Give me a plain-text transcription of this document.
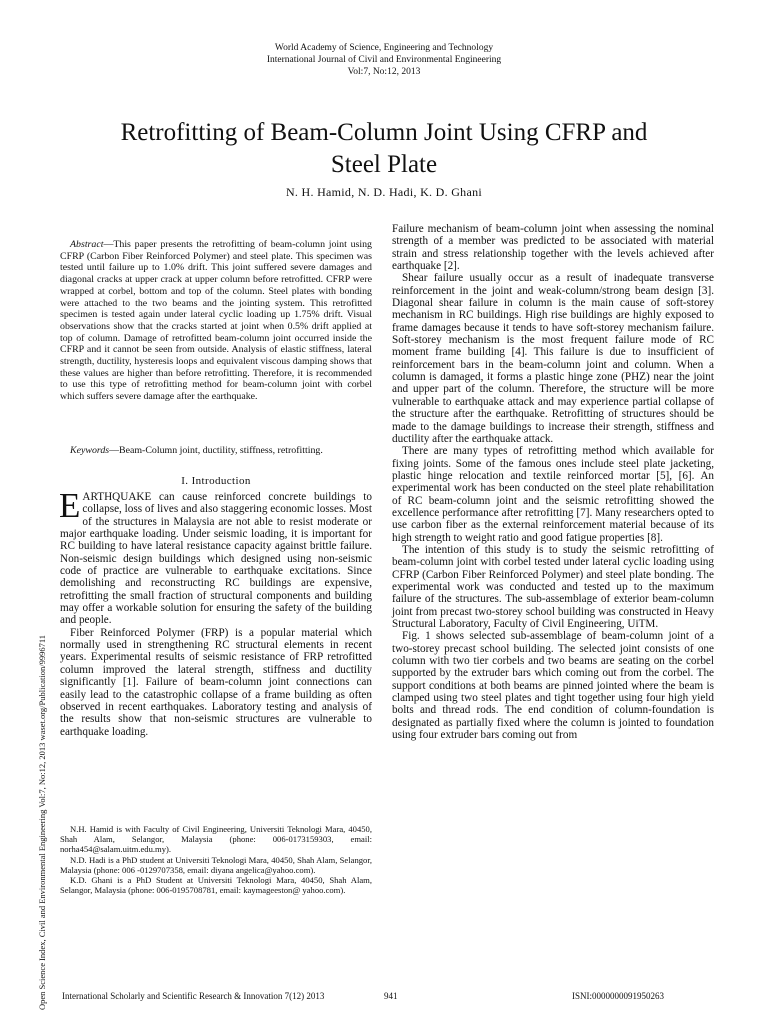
World Academy of Science, Engineering and Technology
International Journal of Civil and Environmental Engineering
Vol:7, No:12, 2013
Retrofitting of Beam-Column Joint Using CFRP and
Steel Plate
N. H. Hamid, N. D. Hadi, K. D. Ghani
Open Science Index, Civil and Environmental Engineering Vol:7, No:12, 2013 waset.org/Publication/9996711

Abstract—This paper presents the retrofitting of beam-column joint using CFRP (Carbon Fiber Reinforced Polymer) and steel plate. This specimen was tested until failure up to 1.0% drift. This joint suffered severe damages and diagonal cracks at upper crack at upper column before retrofitted. CFRP were wrapped at corbel, bottom and top of the column. Steel plates with bonding were attached to the two beams and the jointing system. This retrofitted specimen is tested again under lateral cyclic loading up 1.75% drift. Visual observations show that the cracks started at joint when 0.5% drift applied at top of column. Damage of retrofitted beam-column joint occurred inside the CFRP and it cannot be seen from outside. Analysis of elastic stiffness, lateral strength, ductility, hysteresis loops and equivalent viscous damping shows that these values are higher than before retrofitting. Therefore, it is recommended to use this type of retrofitting method for beam-column joint with corbel which suffers severe damage after the earthquake.

Keywords—Beam-Column joint, ductility, stiffness, retrofitting.

I. Introduction

EARTHQUAKE can cause reinforced concrete buildings to collapse, loss of lives and also staggering economic losses. Most of the structures in Malaysia are not able to resist moderate or major earthquake loading. Under seismic loading, it is important for RC building to have lateral resistance capacity against brittle failure. Non-seismic design buildings which designed using non-seismic code of practice are vulnerable to earthquake excitations. Since demolishing and reconstructing RC buildings are expensive, retrofitting the small fraction of structural components and building may offer a workable solution for ensuring the safety of the building and people.

Fiber Reinforced Polymer (FRP) is a popular material which normally used in strengthening RC structural elements in recent years. Experimental results of seismic resistance of FRP retrofitted column improved the lateral strength, stiffness and ductility significantly [1]. Failure of beam-column joint connections can easily lead to the catastrophic collapse of a frame building as often observed in recent earthquakes. Laboratory testing and analysis of the results show that non-seismic structures are vulnerable to earthquake loading.

N.H. Hamid is with Faculty of Civil Engineering, Universiti Teknologi Mara, 40450, Shah Alam, Selangor, Malaysia (phone: 006-0173159303, email: norha454@salam.uitm.edu.my).

N.D. Hadi is a PhD student at Universiti Teknologi Mara, 40450, Shah Alam, Selangor, Malaysia (phone: 006 -0129707358, email: diyana angelica@yahoo.com).

K.D. Ghani is a PhD Student at Universiti Teknologi Mara, 40450, Shah Alam, Selangor, Malaysia (phone: 006-0195708781, email: kaymageeston@ yahoo.com).

Failure mechanism of beam-column joint when assessing the nominal strength of a member was predicted to be associated with material strain and stress relationship together with the levels achieved after earthquake [2].

Shear failure usually occur as a result of inadequate transverse reinforcement in the joint and weak-column/strong beam design [3]. Diagonal shear failure in column is the main cause of soft-storey mechanism in RC buildings. High rise buildings are highly exposed to frame damages because it tends to have soft-storey mechanism failure. Soft-storey mechanism is the most frequent failure mode of RC moment frame building [4]. This failure is due to insufficient of reinforcement bars in the beam-column joint and column. When a column is damaged, it forms a plastic hinge zone (PHZ) near the joint and upper part of the column. Therefore, the structure will be more vulnerable to earthquake attack and may experience partial collapse of the structure after the earthquake. Retrofitting of structures should be made to the damage buildings to increase their strength, stiffness and ductility after the earthquake attack.

There are many types of retrofitting method which available for fixing joints. Some of the famous ones include steel plate jacketing, plastic hinge relocation and textile reinforced mortar [5], [6]. An experimental work has been conducted on the steel plate rehabilitation of RC beam-column joint and the seismic retrofitting showed the excellence performance after retrofitting [7]. Many researchers opted to use carbon fiber as the external reinforcement material because of its high strength to weight ratio and good fatigue properties [8].

The intention of this study is to study the seismic retrofitting of beam-column joint with corbel tested under lateral cyclic loading using CFRP (Carbon Fiber Reinforced Polymer) and steel plate bonding. The experimental work was conducted and tested up to the maximum failure of the structures. The sub-assemblage of exterior beam-column joint from precast two-storey school building was constructed in Heavy Structural Laboratory, Faculty of Civil Engineering, UiTM.

Fig. 1 shows selected sub-assemblage of beam-column joint of a two-storey precast school building. The selected joint consists of one column with two tier corbels and two beams are seating on the corbel supported by the extruder bars which coming out from the corbel. The support conditions at both beams are pinned jointed where the beam is clamped using two steel plates and tight together using four high yield bolts and thread rods. The end condition of column-foundation is designated as partially fixed where the column is jointed to foundation using four extruder bars coming out from

International Scholarly and Scientific Research & Innovation 7(12) 2013	941	ISNI:0000000091950263
